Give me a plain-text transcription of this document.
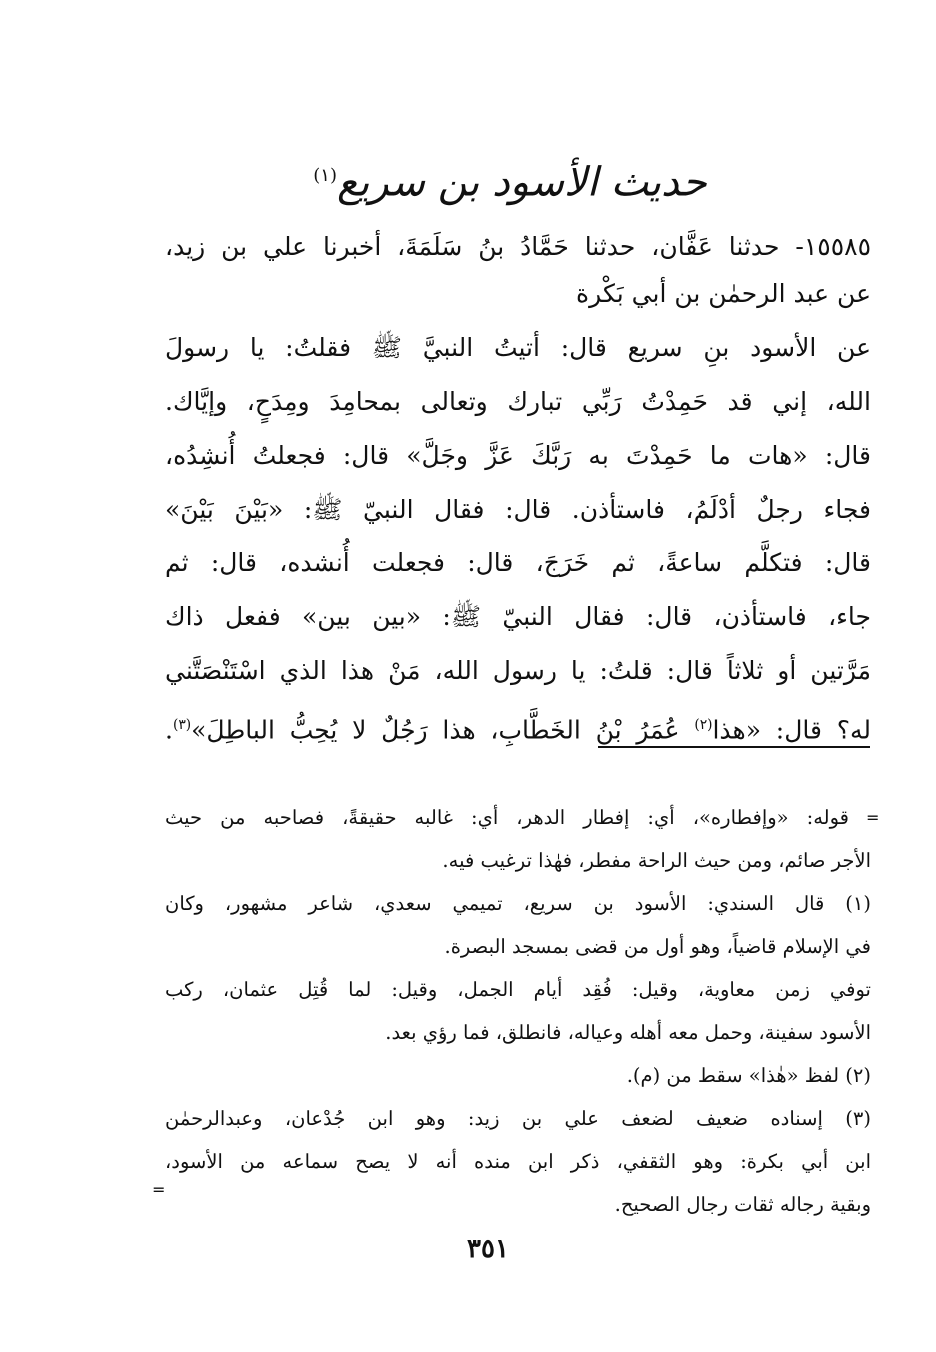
حديث الأسود بن سريع$^{(١)}$
١٥٥٨٥- حدثنا عَفَّان، حدثنا حَمَّادُ بنُ سَلَمَةَ، أخبرنا علي بن زيد،
عن عبد الرحمٰن بن أبي بَكْرة
عن الأسود بنِ سريع قال: أتيتُ النبيَّ ﷺ فقلتُ: يا رسولَ
الله، إني قد حَمِدْتُ رَبِّي تبارك وتعالى بمحامِدَ ومِدَحٍ، وإيَّاك.
قال: «هات ما حَمِدْتَ به رَبَّكَ عَزَّ وجَلَّ» قال: فجعلتُ أُنشِدُه،
فجاء رجلٌ أدْلَمُ، فاستأذن. قال: فقال النبيّ ﷺ: «بَيْنَ بَيْنَ»
قال: فتكلَّم ساعةً، ثم خَرَجَ، قال: فجعلت أُنشده، قال: ثم
جاء، فاستأذن، قال: فقال النبيّ ﷺ: «بين بين» ففعل ذاك
مَرَّتين أو ثلاثاً قال: قلتُ: يا رسول الله، مَنْ هذا الذي اسْتَنْصَتَّني
له؟ قال: «هذا$^{(٢)}$ عُمَرُ بْنُ الخَطَّابِ، هذا رَجُلٌ لا يُحِبُّ الباطِلَ»$^{(٣)}$.
=
قوله: «وإفطاره»، أي: إفطار الدهر، أي: غالبه حقيقةً، فصاحبه من حيث
الأجر صائم، ومن حيث الراحة مفطر، فهٰذا ترغيب فيه.
(١) قال السندي: الأسود بن سريع، تميمي سعدي، شاعر مشهور، وكان
في الإسلام قاضياً، وهو أول من قضى بمسجد البصرة.
توفي زمن معاوية، وقيل: فُقِد أيام الجمل، وقيل: لما قُتِل عثمان، ركب
الأسود سفينة، وحمل معه أهله وعياله، فانطلق، فما رؤي بعد.
(٢) لفظ «هٰذا» سقط من (م).
(٣) إسناده ضعيف لضعف علي بن زيد: وهو ابن جُدْعان، وعبدالرحمٰن
ابن أبي بكرة: وهو الثقفي، ذكر ابن منده أنه لا يصح سماعه من الأسود،
وبقية رجاله ثقات رجال الصحيح.
=
٣٥١
